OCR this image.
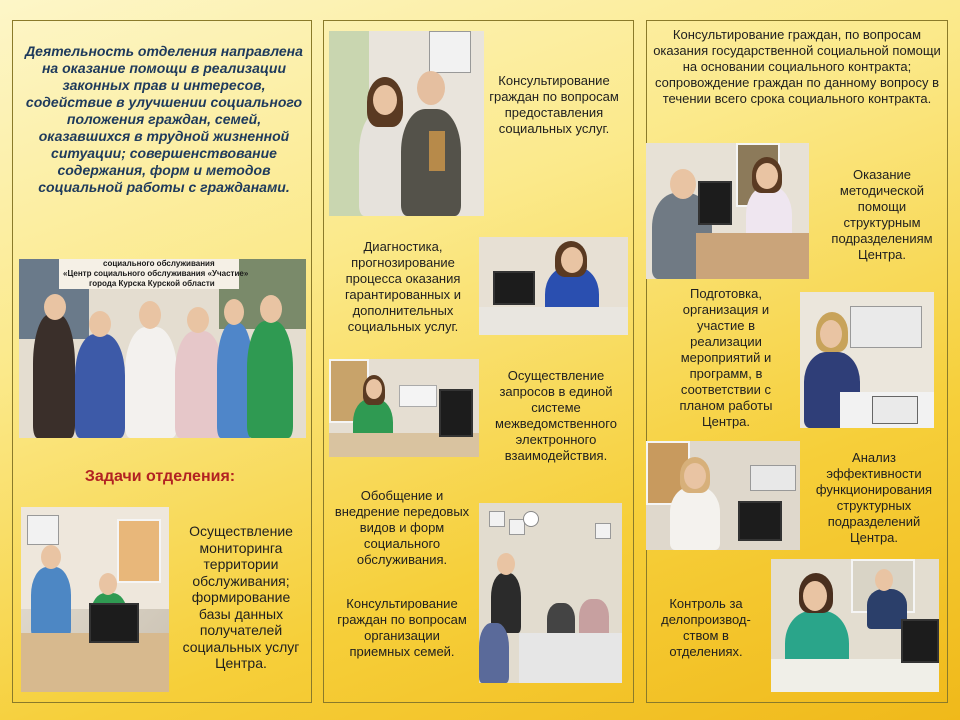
Деятельность отделения направлена на оказание помощи в реализации законных прав и интересов, содействие в улучшении социального положения граждан, семей, оказавшихся в трудной жизненной ситуации; совершенствование содержания, форм и методов социальной работы с гражданами.

социального обслуживания
«Центр социального обслуживания «Участие»
города Курска Курской области

Задачи отделения:

Осуществление мониторинга территории обслуживания; формирование базы данных получателей социальных услуг Центра.

Консультирование граждан по вопросам предоставления социальных услуг.

Диагностика, прогнозирование процесса оказания гарантированных и дополнительных социальных услуг.

Осуществление запросов в единой системе межведомственного электронного взаимодействия.

Обобщение и внедрение передовых видов и форм социального обслуживания.

Консультирование граждан по вопросам организации приемных семей.

Консультирование граждан, по вопросам оказания государственной социальной помощи на основании социального контракта; сопровождение граждан по данному вопросу в течении всего срока социального контракта.

Оказание методической помощи структурным подразделениям Центра.

Подготовка, организация и участие в реализации мероприятий и программ, в соответствии с планом работы Центра.

Анализ эффективности функционирования структурных подразделений Центра.

Контроль за делопроизвод-ством в отделениях.
